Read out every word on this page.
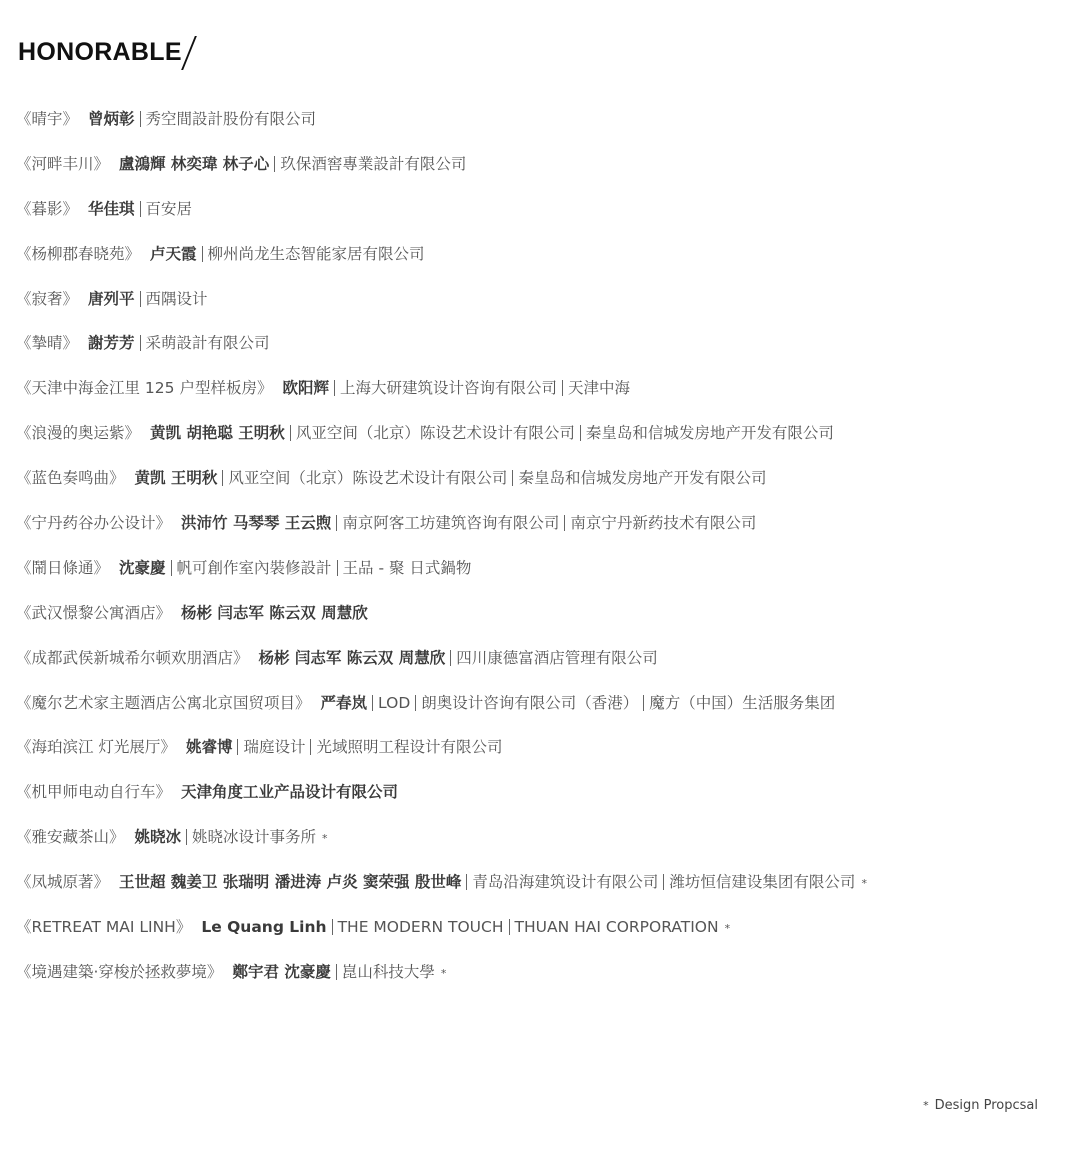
HONORABLE
《晴宇》 曾炳彰 秀空間設計股份有限公司
《河畔丰川》 盧鴻輝 林奕瑋 林子心 玖保酒窖專業設計有限公司
《暮影》 华佳琪 百安居
《杨柳郡春晓苑》 卢天霞 柳州尚龙生态智能家居有限公司
《寂奢》 唐列平 西隅设计
《摯晴》 謝芳芳 采萌設計有限公司
《天津中海金江里 125 户型样板房》 欧阳辉 上海大研建筑设计咨询有限公司 天津中海
《浪漫的奥运紫》 黄凯 胡艳聪 王明秋 风亚空间（北京）陈设艺术设计有限公司 秦皇岛和信城发房地产开发有限公司
《蓝色奏鸣曲》 黄凯 王明秋 风亚空间（北京）陈设艺术设计有限公司 秦皇岛和信城发房地产开发有限公司
《宁丹药谷办公设计》 洪沛竹 马琴琴 王云煦 南京阿客工坊建筑咨询有限公司 南京宁丹新药技术有限公司
《鬧日條通》 沈豪慶 帆可創作室內裝修設計 王品 - 聚 日式鍋物
《武汉憬黎公寓酒店》 杨彬 闫志军 陈云双 周慧欣
《成都武侯新城希尔顿欢朋酒店》 杨彬 闫志军 陈云双 周慧欣 四川康德富酒店管理有限公司
《魔尔艺术家主题酒店公寓北京国贸项目》 严春岚 LOD 朗奥设计咨询有限公司（香港） 魔方（中国）生活服务集团
《海珀滨江 灯光展厅》 姚睿博 瑞庭设计 光域照明工程设计有限公司
《机甲师电动自行车》 天津角度工业产品设计有限公司
《雅安藏茶山》 姚晓冰 姚晓冰设计事务所 *
《凤城原著》 王世超 魏姜卫 张瑞明 潘进涛 卢炎 窦荣强 殷世峰 青岛沿海建筑设计有限公司 潍坊恒信建设集团有限公司 *
《RETREAT MAI LINH》 Le Quang Linh THE MODERN TOUCH THUAN HAI CORPORATION *
《境遇建築·穿梭於拯救夢境》 鄭宇君 沈豪慶 崑山科技大學 *
* Design Propcsal
